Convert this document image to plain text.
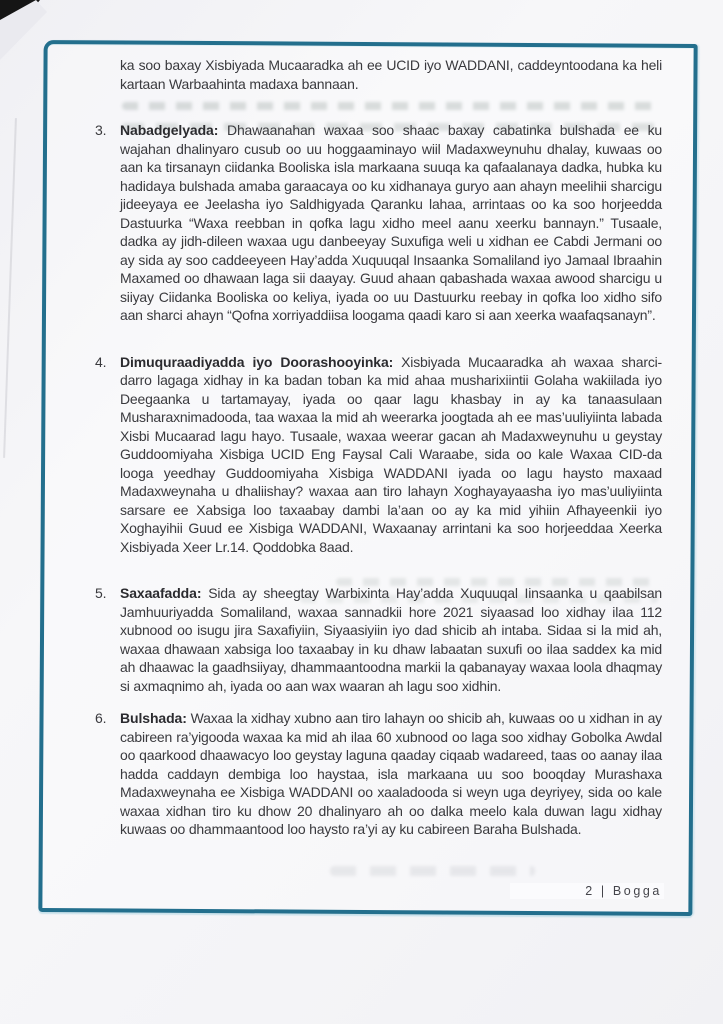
ka soo baxay Xisbiyada Mucaaradka ah ee UCID iyo WADDANI, caddeyntoodana ka heli kartaan Warbaahinta madaxa bannaan.

3. Nabadgelyada: Dhawaanahan waxaa soo shaac baxay cabatinka bulshada ee ku wajahan dhalinyaro cusub oo uu hoggaaminayo wiil Madaxweynuhu dhalay, kuwaas oo aan ka tirsanayn ciidanka Booliska isla markaana suuqa ka qafaalanaya dadka, hubka ku hadidaya bulshada amaba garaacaya oo ku xidhanaya guryo aan ahayn meelihii sharcigu jideeyaya ee Jeelasha iyo Saldhigyada Qaranku lahaa, arrintaas oo ka soo horjeedda Dastuurka “Waxa reebban in qofka lagu xidho meel aanu xeerku bannayn.” Tusaale, dadka ay jidh-dileen waxaa ugu danbeeyay Suxufiga weli u xidhan ee Cabdi Jermani oo ay sida ay soo caddeeyeen Hay’adda Xuquuqal Insaanka Somaliland iyo Jamaal Ibraahin Maxamed oo dhawaan laga sii daayay. Guud ahaan qabashada waxaa awood sharcigu u siiyay Ciidanka Booliska oo keliya, iyada oo uu Dastuurku reebay in qofka loo xidho sifo aan sharci ahayn “Qofna xorriyaddiisa loogama qaadi karo si aan xeerka waafaqsanayn”.
4. Dimuquraadiyadda iyo Doorashooyinka: Xisbiyada Mucaaradka ah waxaa sharci-darro lagaga xidhay in ka badan toban ka mid ahaa musharixiintii Golaha wakiilada iyo Deegaanka u tartamayay, iyada oo qaar lagu khasbay in ay ka tanaasulaan Musharaxnimadooda, taa waxaa la mid ah weerarka joogtada ah ee mas’uuliyiinta labada Xisbi Mucaarad lagu hayo. Tusaale, waxaa weerar gacan ah Madaxweynuhu u geystay Guddoomiyaha Xisbiga UCID Eng Faysal Cali Waraabe, sida oo kale Waxaa CID-da looga yeedhay Guddoomiyaha Xisbiga WADDANI iyada oo lagu haysto maxaad Madaxweynaha u dhaliishay? waxaa aan tiro lahayn Xoghayayaasha iyo mas’uuliyiinta sarsare ee Xabsiga loo taxaabay dambi la’aan oo ay ka mid yihiin Afhayeenkii iyo Xoghayihii Guud ee Xisbiga WADDANI, Waxaanay arrintani ka soo horjeeddaa Xeerka Xisbiyada Xeer Lr.14. Qoddobka 8aad.
5. Saxaafadda: Sida ay sheegtay Warbixinta Hay’adda Xuquuqal Iinsaanka u qaabilsan Jamhuuriyadda Somaliland, waxaa sannadkii hore 2021 siyaasad loo xidhay ilaa 112 xubnood oo isugu jira Saxafiyiin, Siyaasiyiin iyo dad shicib ah intaba. Sidaa si la mid ah, waxaa dhawaan xabsiga loo taxaabay in ku dhaw labaatan suxufi oo ilaa saddex ka mid ah dhaawac la gaadhsiiyay, dhammaantoodna markii la qabanayay waxaa loola dhaqmay si axmaqnimo ah, iyada oo aan wax waaran ah lagu soo xidhin.
6. Bulshada: Waxaa la xidhay xubno aan tiro lahayn oo shicib ah, kuwaas oo u xidhan in ay cabireen ra’yigooda waxaa ka mid ah ilaa 60 xubnood oo laga soo xidhay Gobolka Awdal oo qaarkood dhaawacyo loo geystay laguna qaaday ciqaab wadareed, taas oo aanay ilaa hadda caddayn dembiga loo haystaa, isla markaana uu soo booqday Murashaxa Madaxweynaha ee Xisbiga WADDANI oo xaaladooda si weyn uga deyriyey, sida oo kale waxaa xidhan tiro ku dhow 20 dhalinyaro ah oo dalka meelo kala duwan lagu xidhay kuwaas oo dhammaantood loo haysto ra’yi ay ku cabireen Baraha Bulshada.
2 | Bogga
